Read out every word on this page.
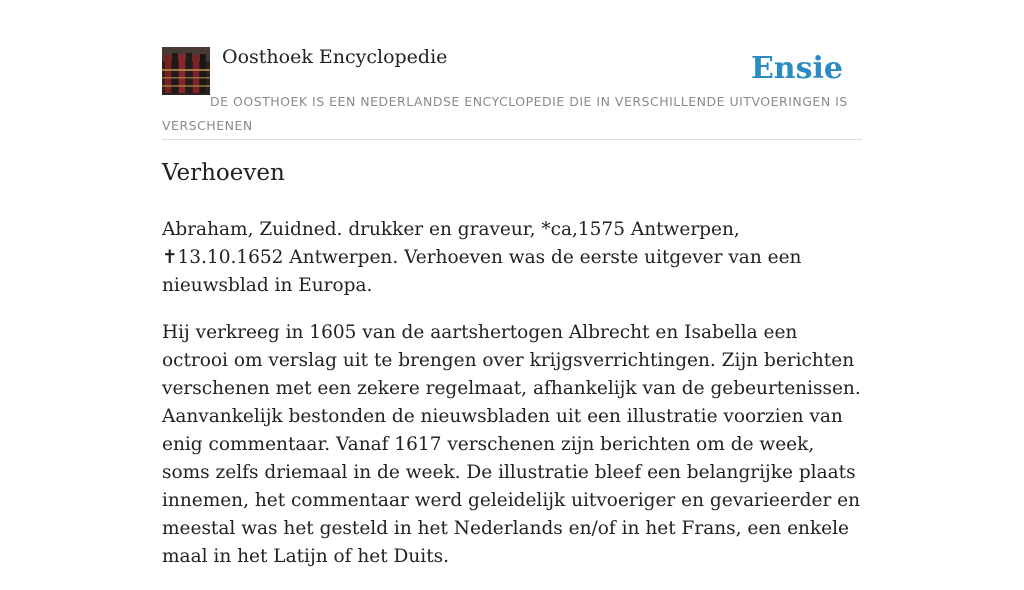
Oosthoek Encyclopedie	Ensie
DE OOSTHOEK IS EEN NEDERLANDSE ENCYCLOPEDIE DIE IN VERSCHILLENDE UITVOERINGEN IS VERSCHENEN
Verhoeven

Abraham, Zuidned. drukker en graveur, *ca,1575 Antwerpen, ✝13.10.1652 Antwerpen. Verhoeven was de eerste uitgever van een nieuwsblad in Europa.

Hij verkreeg in 1605 van de aartshertogen Albrecht en Isabella een octrooi om verslag uit te brengen over krijgsverrichtingen. Zijn berichten verschenen met een zekere regelmaat, afhankelijk van de gebeurtenissen. Aanvankelijk bestonden de nieuwsbladen uit een illustratie voorzien van enig commentaar. Vanaf 1617 verschenen zijn berichten om de week, soms zelfs driemaal in de week. De illustratie bleef een belangrijke plaats innemen, het commentaar werd geleidelijk uitvoeriger en gevarieerder en meestal was het gesteld in het Nederlands en/of in het Frans, een enkele maal in het Latijn of het Duits.
